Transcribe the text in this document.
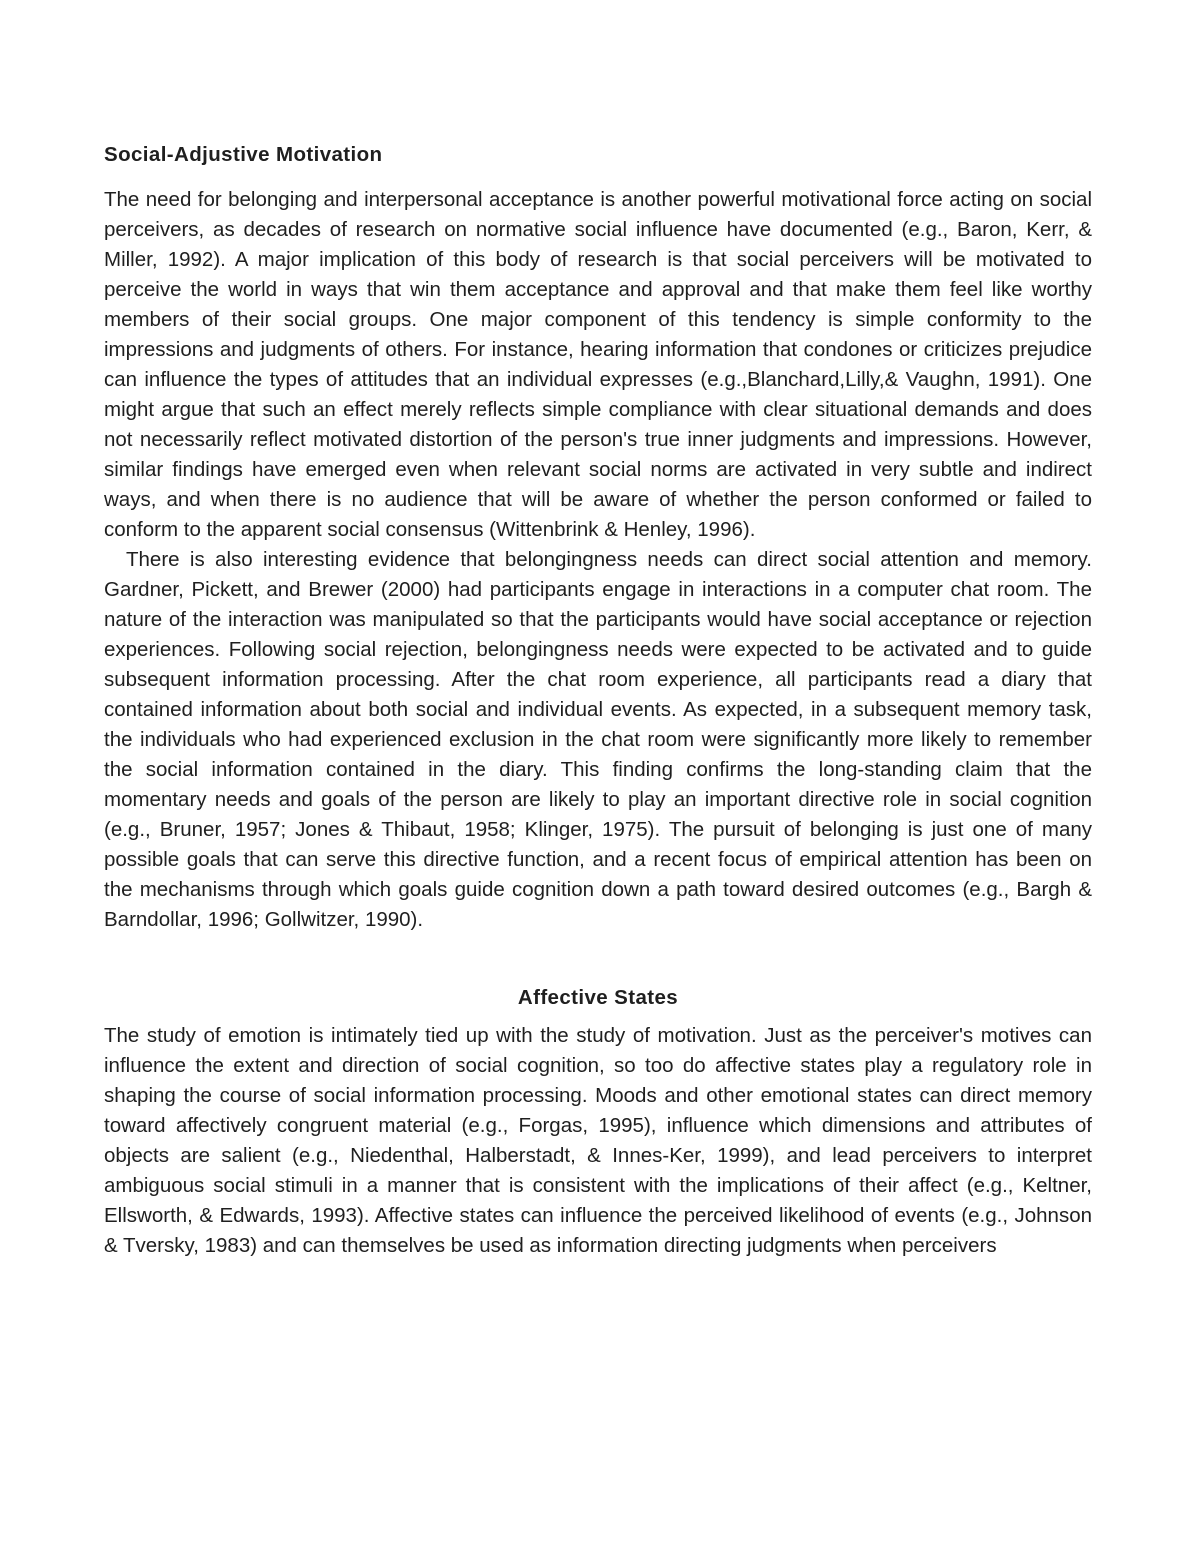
Social-Adjustive Motivation

The need for belonging and interpersonal acceptance is another powerful motivational force acting on social perceivers, as decades of research on normative social influence have documented (e.g., Baron, Kerr, & Miller, 1992). A major implication of this body of research is that social perceivers will be motivated to perceive the world in ways that win them acceptance and approval and that make them feel like worthy members of their social groups. One major component of this tendency is simple conformity to the impressions and judgments of others. For instance, hearing information that condones or criticizes prejudice can influence the types of attitudes that an individual expresses (e.g.,Blanchard,Lilly,& Vaughn, 1991). One might argue that such an effect merely reflects simple compliance with clear situational demands and does not necessarily reflect motivated distortion of the person's true inner judgments and impressions. However, similar findings have emerged even when relevant social norms are activated in very subtle and indirect ways, and when there is no audience that will be aware of whether the person conformed or failed to conform to the apparent social consensus (Wittenbrink & Henley, 1996).

There is also interesting evidence that belongingness needs can direct social attention and memory. Gardner, Pickett, and Brewer (2000) had participants engage in interactions in a computer chat room. The nature of the interaction was manipulated so that the participants would have social acceptance or rejection experiences. Following social rejection, belongingness needs were expected to be activated and to guide subsequent information processing. After the chat room experience, all participants read a diary that contained information about both social and individual events. As expected, in a subsequent memory task, the individuals who had experienced exclusion in the chat room were significantly more likely to remember the social information contained in the diary. This finding confirms the long-standing claim that the momentary needs and goals of the person are likely to play an important directive role in social cognition (e.g., Bruner, 1957; Jones & Thibaut, 1958; Klinger, 1975). The pursuit of belonging is just one of many possible goals that can serve this directive function, and a recent focus of empirical attention has been on the mechanisms through which goals guide cognition down a path toward desired outcomes (e.g., Bargh & Barndollar, 1996; Gollwitzer, 1990).

Affective States

The study of emotion is intimately tied up with the study of motivation. Just as the perceiver's motives can influence the extent and direction of social cognition, so too do affective states play a regulatory role in shaping the course of social information processing. Moods and other emotional states can direct memory toward affectively congruent material (e.g., Forgas, 1995), influence which dimensions and attributes of objects are salient (e.g., Niedenthal, Halberstadt, & Innes-Ker, 1999), and lead perceivers to interpret ambiguous social stimuli in a manner that is consistent with the implications of their affect (e.g., Keltner, Ellsworth, & Edwards, 1993). Affective states can influence the perceived likelihood of events (e.g., Johnson & Tversky, 1983) and can themselves be used as information directing judgments when perceivers
